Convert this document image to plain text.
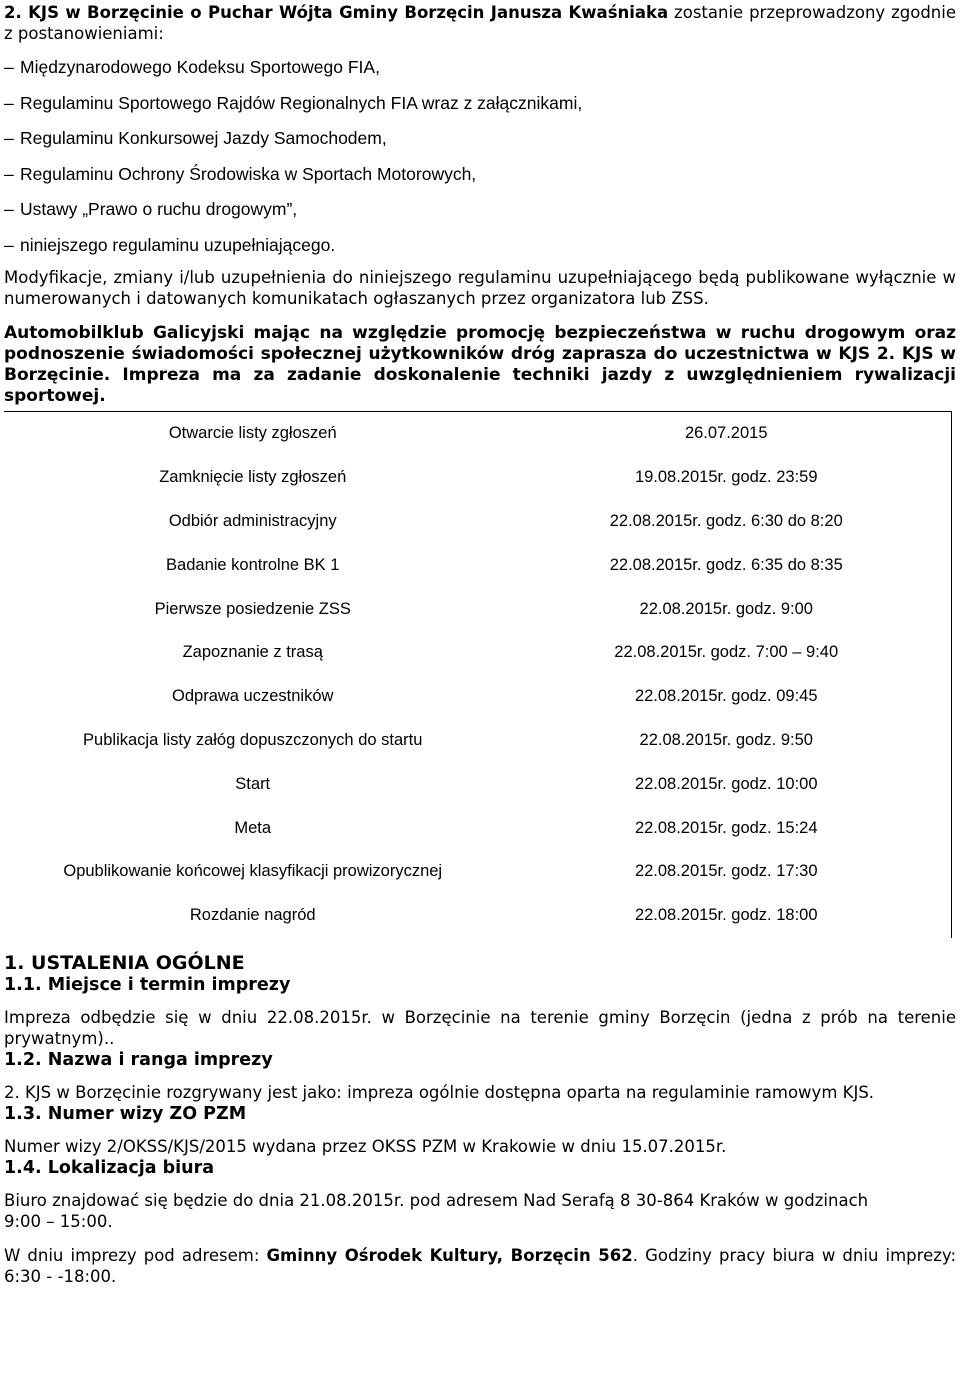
2. KJS w Borzęcinie o Puchar Wójta Gminy Borzęcin Janusza Kwaśniaka zostanie przeprowadzony zgodnie z postanowieniami:

– Międzynarodowego Kodeksu Sportowego FIA,
– Regulaminu Sportowego Rajdów Regionalnych FIA wraz z załącznikami,
– Regulaminu Konkursowej Jazdy Samochodem,
– Regulaminu Ochrony Środowiska w Sportach Motorowych,
– Ustawy „Prawo o ruchu drogowym”,
– niniejszego regulaminu uzupełniającego.

Modyfikacje, zmiany i/lub uzupełnienia do niniejszego regulaminu uzupełniającego będą publikowane wyłącznie w numerowanych i datowanych komunikatach ogłaszanych przez organizatora lub ZSS.

Automobilklub Galicyjski mając na względzie promocję bezpieczeństwa w ruchu drogowym oraz podnoszenie świadomości społecznej użytkowników dróg zaprasza do uczestnictwa w KJS 2. KJS w Borzęcinie. Impreza ma za zadanie doskonalenie techniki jazdy z uwzględnieniem rywalizacji sportowej.

Otwarcie listy zgłoszeń	26.07.2015
Zamknięcie listy zgłoszeń	19.08.2015r. godz. 23:59
Odbiór administracyjny	22.08.2015r. godz. 6:30 do 8:20
Badanie kontrolne BK 1	22.08.2015r. godz. 6:35 do 8:35
Pierwsze posiedzenie ZSS	22.08.2015r. godz. 9:00
Zapoznanie z trasą	22.08.2015r. godz. 7:00 – 9:40
Odprawa uczestników	22.08.2015r. godz. 09:45
Publikacja listy załóg dopuszczonych do startu	22.08.2015r. godz. 9:50
Start	22.08.2015r. godz. 10:00
Meta	22.08.2015r. godz. 15:24
Opublikowanie końcowej klasyfikacji prowizorycznej	22.08.2015r. godz. 17:30
Rozdanie nagród	22.08.2015r. godz. 18:00
1. USTALENIA OGÓLNE
1.1. Miejsce i termin imprezy

Impreza odbędzie się w dniu 22.08.2015r. w Borzęcinie na terenie gminy Borzęcin (jedna z prób na terenie prywatnym)..

1.2. Nazwa i ranga imprezy

2. KJS w Borzęcinie rozgrywany jest jako: impreza ogólnie dostępna oparta na regulaminie ramowym KJS.

1.3. Numer wizy ZO PZM

Numer wizy 2/OKSS/KJS/2015 wydana przez OKSS PZM w Krakowie w dniu 15.07.2015r.

1.4. Lokalizacja biura

Biuro znajdować się będzie do dnia 21.08.2015r. pod adresem Nad Serafą 8 30-864 Kraków w godzinach 9:00 – 15:00.

W dniu imprezy pod adresem: Gminny Ośrodek Kultury, Borzęcin 562. Godziny pracy biura w dniu imprezy: 6:30 - -18:00.
